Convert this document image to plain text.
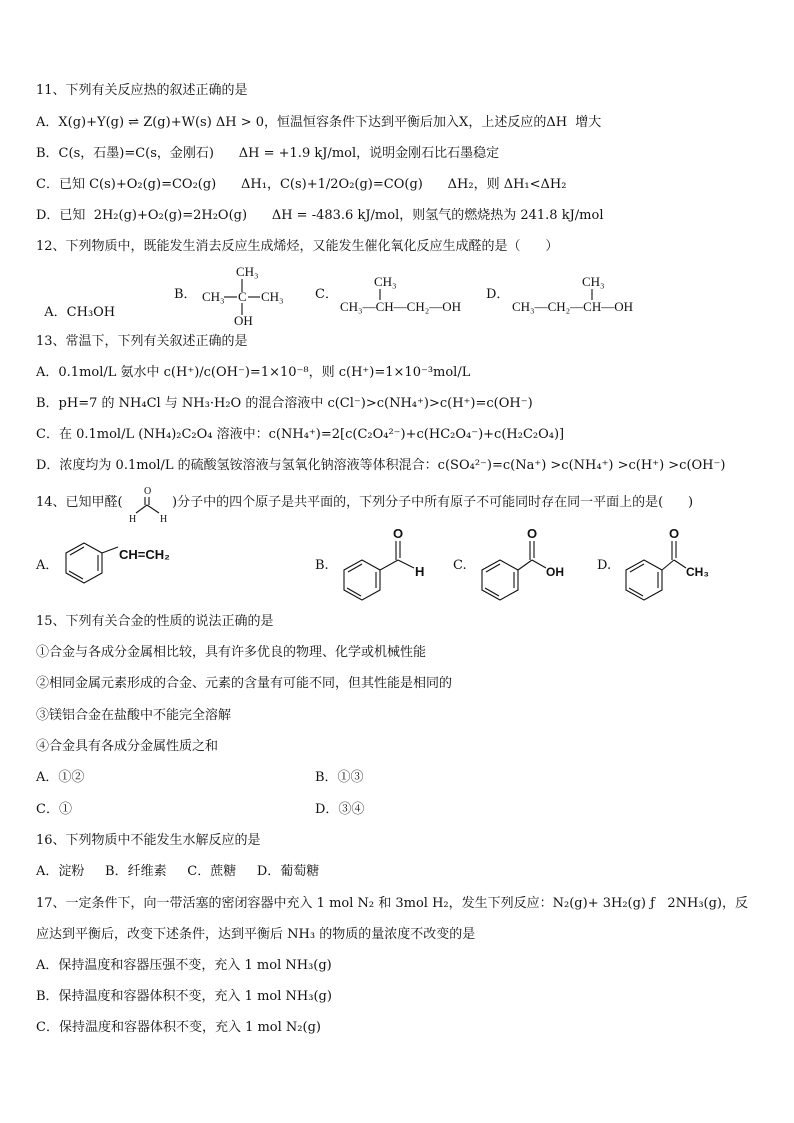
11、下列有关反应热的叙述正确的是
A．X(g)+Y(g) ⇌ Z(g)+W(s) ΔH > 0，恒温恒容条件下达到平衡后加入X，上述反应的ΔH  增大
B．C(s，石墨)=C(s，金刚石)      ΔH = +1.9 kJ/mol，说明金刚石比石墨稳定
C．已知 C(s)+O₂(g)=CO₂(g)      ΔH₁，C(s)+1/2O₂(g)=CO(g)      ΔH₂，则 ΔH₁<ΔH₂
D．已知  2H₂(g)+O₂(g)=2H₂O(g)      ΔH = -483.6 kJ/mol，则氢气的燃烧热为 241.8 kJ/mol
12、下列物质中，既能发生消去反应生成烯烃，又能发生催化氧化反应生成醛的是（      ）

A．CH₃OH

B．
CH₃
CH₃ C CH₃
OH
C．
CH₃
CH₃—CH—CH₂—OH
D．
CH₃
CH₃—CH₂—CH—OH
13、常温下，下列有关叙述正确的是
A．0.1mol/L 氨水中 c(H⁺)/c(OH⁻)=1×10⁻⁸，则 c(H⁺)=1×10⁻³mol/L
B．pH=7 的 NH₄Cl 与 NH₃·H₂O 的混合溶液中 c(Cl⁻)>c(NH₄⁺)>c(H⁺)=c(OH⁻)
C．在 0.1mol/L (NH₄)₂C₂O₄ 溶液中：c(NH₄⁺)=2[c(C₂O₄²⁻)+c(HC₂O₄⁻)+c(H₂C₂O₄)]
D．浓度均为 0.1mol/L 的硫酸氢铵溶液与氢氧化钠溶液等体积混合：c(SO₄²⁻)=c(Na⁺) >c(NH₄⁺) >c(H⁺) >c(OH⁻)
14、已知甲醛(
O
H H
)分子中的四个原子是共平面的，下列分子中所有原子不可能同时存在同一平面上的是(      )
A．
CH=CH₂
B.
O
H C.
O
OH	D.
O
CH₃
15、下列有关合金的性质的说法正确的是
①合金与各成分金属相比较，具有许多优良的物理、化学或机械性能
②相同金属元素形成的合金、元素的含量有可能不同，但其性能是相同的
③镁铝合金在盐酸中不能完全溶解
④合金具有各成分金属性质之和
A．①②	B．①③
C．①	D．③④
16、下列物质中不能发生水解反应的是
A．淀粉     B．纤维素     C．蔗糖     D．葡萄糖
17、一定条件下，向一带活塞的密闭容器中充入 1 mol N₂ 和 3mol H₂，发生下列反应：N₂(g)+ 3H₂(g) ƒ   2NH₃(g)，反
应达到平衡后，改变下述条件，达到平衡后 NH₃ 的物质的量浓度不改变的是
A．保持温度和容器压强不变，充入 1 mol NH₃(g)
B．保持温度和容器体积不变，充入 1 mol NH₃(g)
C．保持温度和容器体积不变，充入 1 mol N₂(g)
